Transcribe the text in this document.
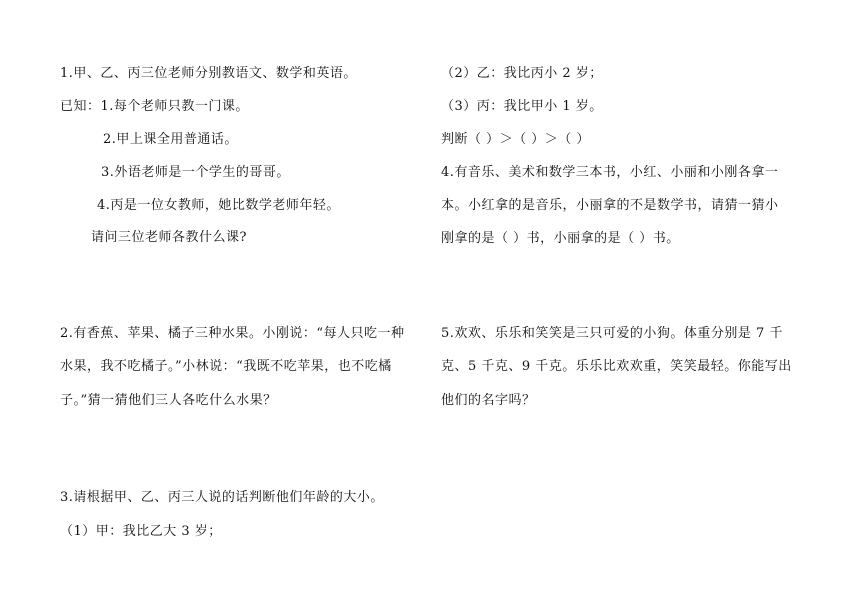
1.甲、乙、丙三位老师分别教语文、数学和英语。
已知：1.每个老师只教一门课。
2.甲上课全用普通话。
3.外语老师是一个学生的哥哥。
4.丙是一位女教师，她比数学老师年轻。
请问三位老师各教什么课?
2.有香蕉、苹果、橘子三种水果。小刚说：“每人只吃一种
水果，我不吃橘子。”小林说：“我既不吃苹果，也不吃橘
子。”猜一猜他们三人各吃什么水果？
3.请根据甲、乙、丙三人说的话判断他们年龄的大小。
（1）甲：我比乙大 3 岁；
（2）乙：我比丙小 2 岁；
（3）丙：我比甲小 1 岁。
判断（ ）＞（ ）＞（ ）
4.有音乐、美术和数学三本书，小红、小丽和小刚各拿一
本。小红拿的是音乐，小丽拿的不是数学书，请猜一猜小
刚拿的是（ ）书，小丽拿的是（ ）书。
5.欢欢、乐乐和笑笑是三只可爱的小狗。体重分别是 7 千
克、5 千克、9 千克。乐乐比欢欢重，笑笑最轻。你能写出
他们的名字吗？
